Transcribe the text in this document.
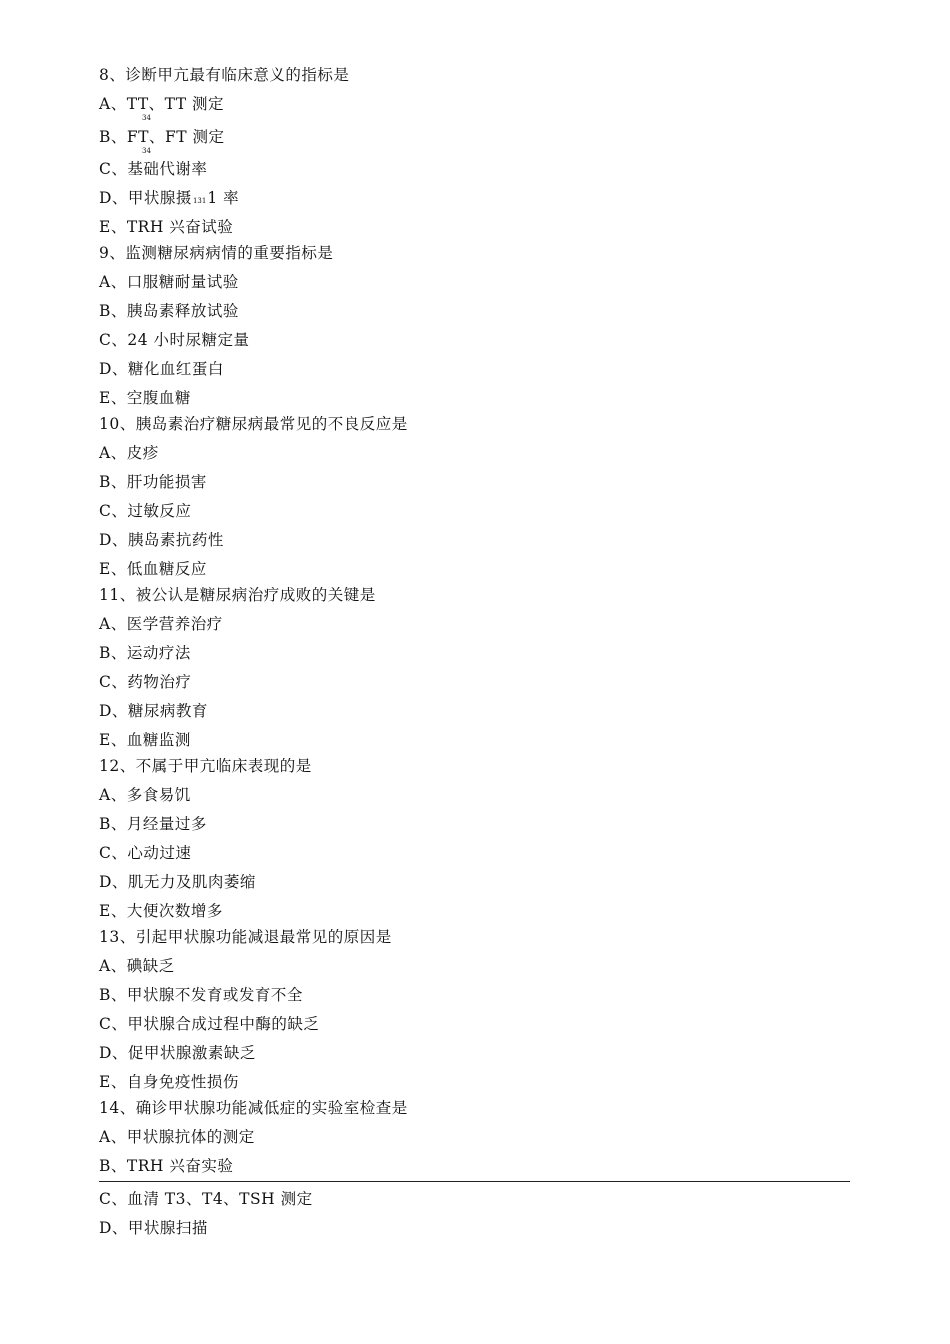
8、诊断甲亢最有临床意义的指标是
A、TT、TT 测定
34
B、FT、FT 测定
34
C、基础代谢率
D、甲状腺摄1311 率
E、TRH 兴奋试验
9、监测糖尿病病情的重要指标是
A、口服糖耐量试验
B、胰岛素释放试验
C、24 小时尿糖定量
D、糖化血红蛋白
E、空腹血糖
10、胰岛素治疗糖尿病最常见的不良反应是
A、皮疹
B、肝功能损害
C、过敏反应
D、胰岛素抗药性
E、低血糖反应
11、被公认是糖尿病治疗成败的关键是
A、医学营养治疗
B、运动疗法
C、药物治疗
D、糖尿病教育
E、血糖监测
12、不属于甲亢临床表现的是
A、多食易饥
B、月经量过多
C、心动过速
D、肌无力及肌肉萎缩
E、大便次数增多
13、引起甲状腺功能减退最常见的原因是
A、碘缺乏
B、甲状腺不发育或发育不全
C、甲状腺合成过程中酶的缺乏
D、促甲状腺激素缺乏
E、自身免疫性损伤
14、确诊甲状腺功能减低症的实验室检查是
A、甲状腺抗体的测定
B、TRH 兴奋实验
C、血清 T3、T4、TSH 测定
D、甲状腺扫描
